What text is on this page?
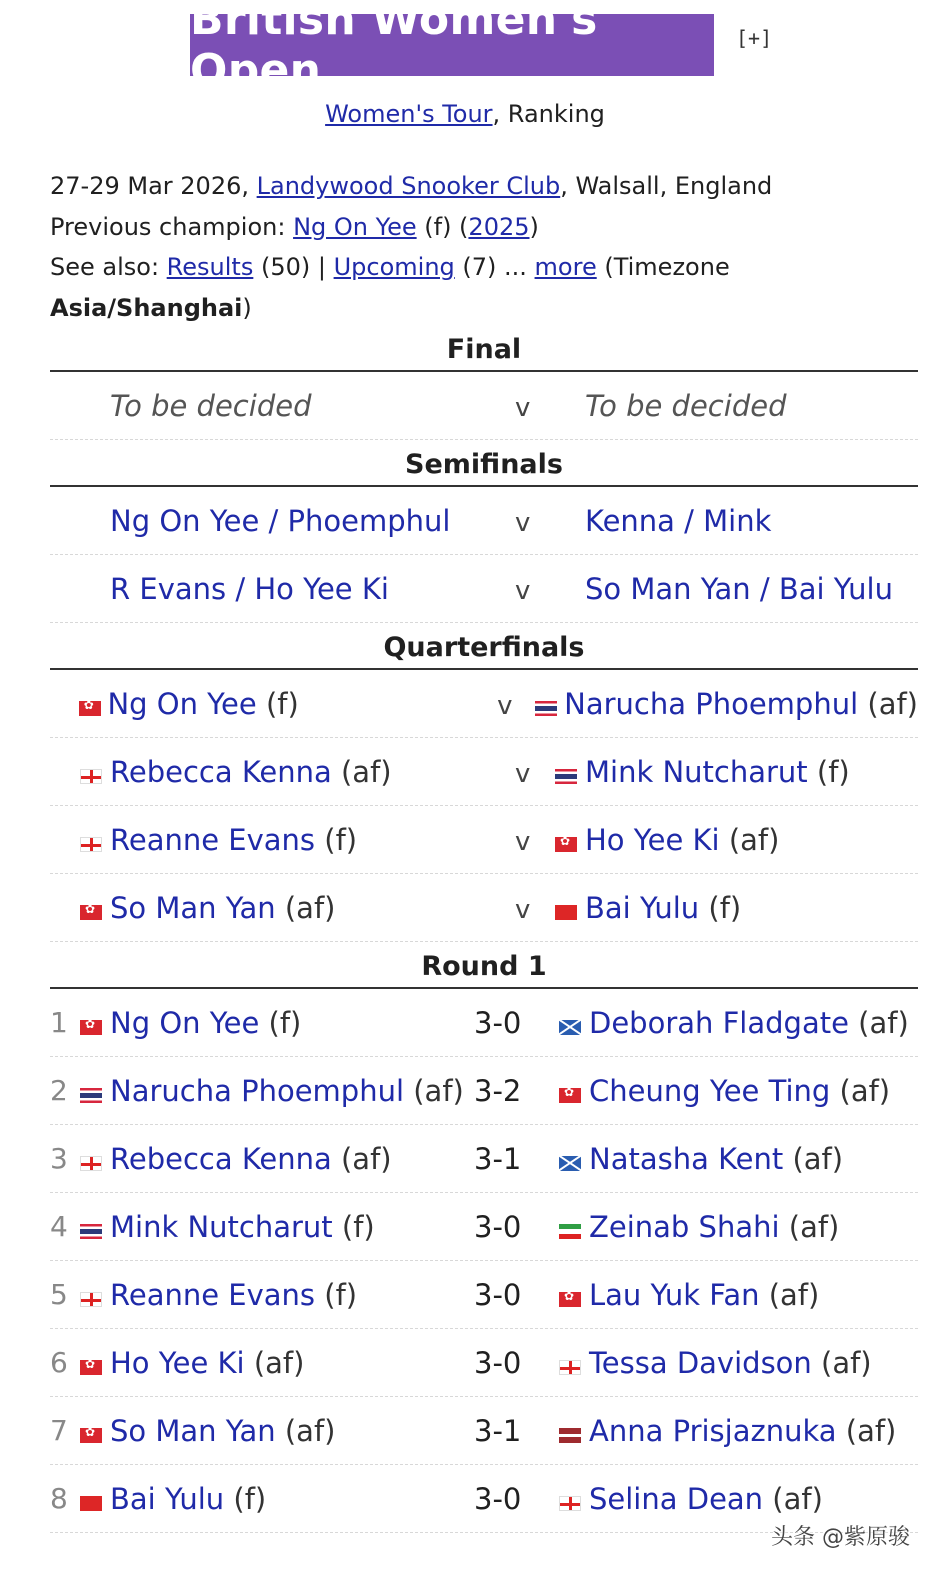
British Women's Open
[+]
Women's Tour, Ranking
27-29 Mar 2026, Landywood Snooker Club, Walsall, England
Previous champion: Ng On Yee (f) (2025)
See also: Results (50) | Upcoming (7) ... more (Timezone Asia/Shanghai)
Final
To be decided	v	To be decided
Semifinals
Ng On Yee / Phoemphul	v	Kenna / Mink
R Evans / Ho Yee Ki	v	So Man Yan / Bai Yulu
Quarterfinals
✿
Ng On Yee (f)	v	Narucha Phoemphul (af)
Rebecca Kenna (af)	v	Mink Nutcharut (f)
Reanne Evans (f)	v ✿	Ho Yee Ki (af)
✿
So Man Yan (af)	v	Bai Yulu (f)
Round 1
1 ✿	Ng On Yee (f)	3-0	Deborah Fladgate (af)
2	Narucha Phoemphul (af) 3-2 ✿	Cheung Yee Ting (af)
3	Rebecca Kenna (af)	3-1	Natasha Kent (af)
4	Mink Nutcharut (f)	3-0	Zeinab Shahi (af)
5	Reanne Evans (f)	3-0 ✿	Lau Yuk Fan (af)
6 ✿	Ho Yee Ki (af)	3-0	Tessa Davidson (af)
7 ✿	So Man Yan (af)	3-1	Anna Prisjaznuka (af)
8	Bai Yulu (f)	3-0	Selina Dean (af)
头条 @紫原骏
